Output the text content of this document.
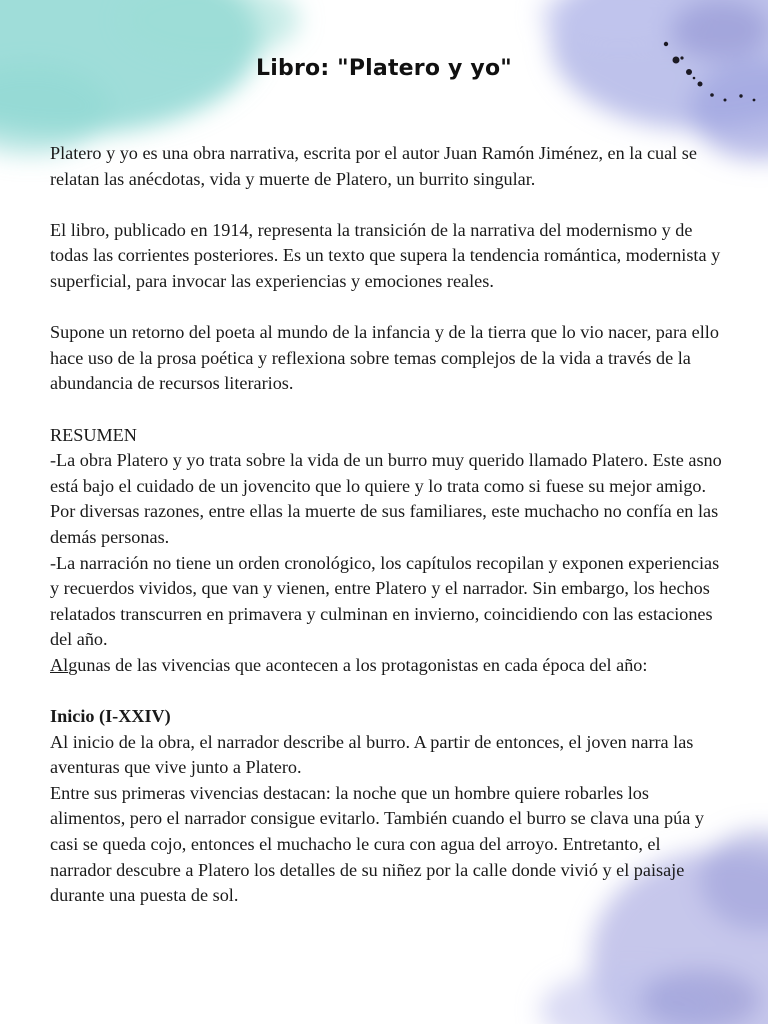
Libro: "Platero y yo"

Platero y yo es una obra narrativa, escrita por el autor Juan Ramón Jiménez, en la cual se relatan las anécdotas, vida y muerte de Platero, un burrito singular.

El libro, publicado en 1914, representa la transición de la narrativa del modernismo y de todas las corrientes posteriores. Es un texto que supera la tendencia romántica, modernista y superficial, para invocar las experiencias y emociones reales.

Supone un retorno del poeta al mundo de la infancia y de la tierra que lo vio nacer, para ello hace uso de la prosa poética y reflexiona sobre temas complejos de la vida a través de la abundancia de recursos literarios.

RESUMEN

-La obra Platero y yo trata sobre la vida de un burro muy querido llamado Platero. Este asno está bajo el cuidado de un jovencito que lo quiere y lo trata como si fuese su mejor amigo. Por diversas razones, entre ellas la muerte de sus familiares, este muchacho no confía en las demás personas.

-La narración no tiene un orden cronológico, los capítulos recopilan y exponen experiencias y recuerdos vividos, que van y vienen, entre Platero y el narrador. Sin embargo, los hechos relatados transcurren en primavera y culminan en invierno, coincidiendo con las estaciones del año.

Algunas de las vivencias que acontecen a los protagonistas en cada época del año:

Inicio (I-XXIV)

Al inicio de la obra, el narrador describe al burro. A partir de entonces, el joven narra las aventuras que vive junto a Platero.

Entre sus primeras vivencias destacan: la noche que un hombre quiere robarles los alimentos, pero el narrador consigue evitarlo. También cuando el burro se clava una púa y casi se queda cojo, entonces el muchacho le cura con agua del arroyo. Entretanto, el narrador descubre a Platero los detalles de su niñez por la calle donde vivió y el paisaje durante una puesta de sol.
